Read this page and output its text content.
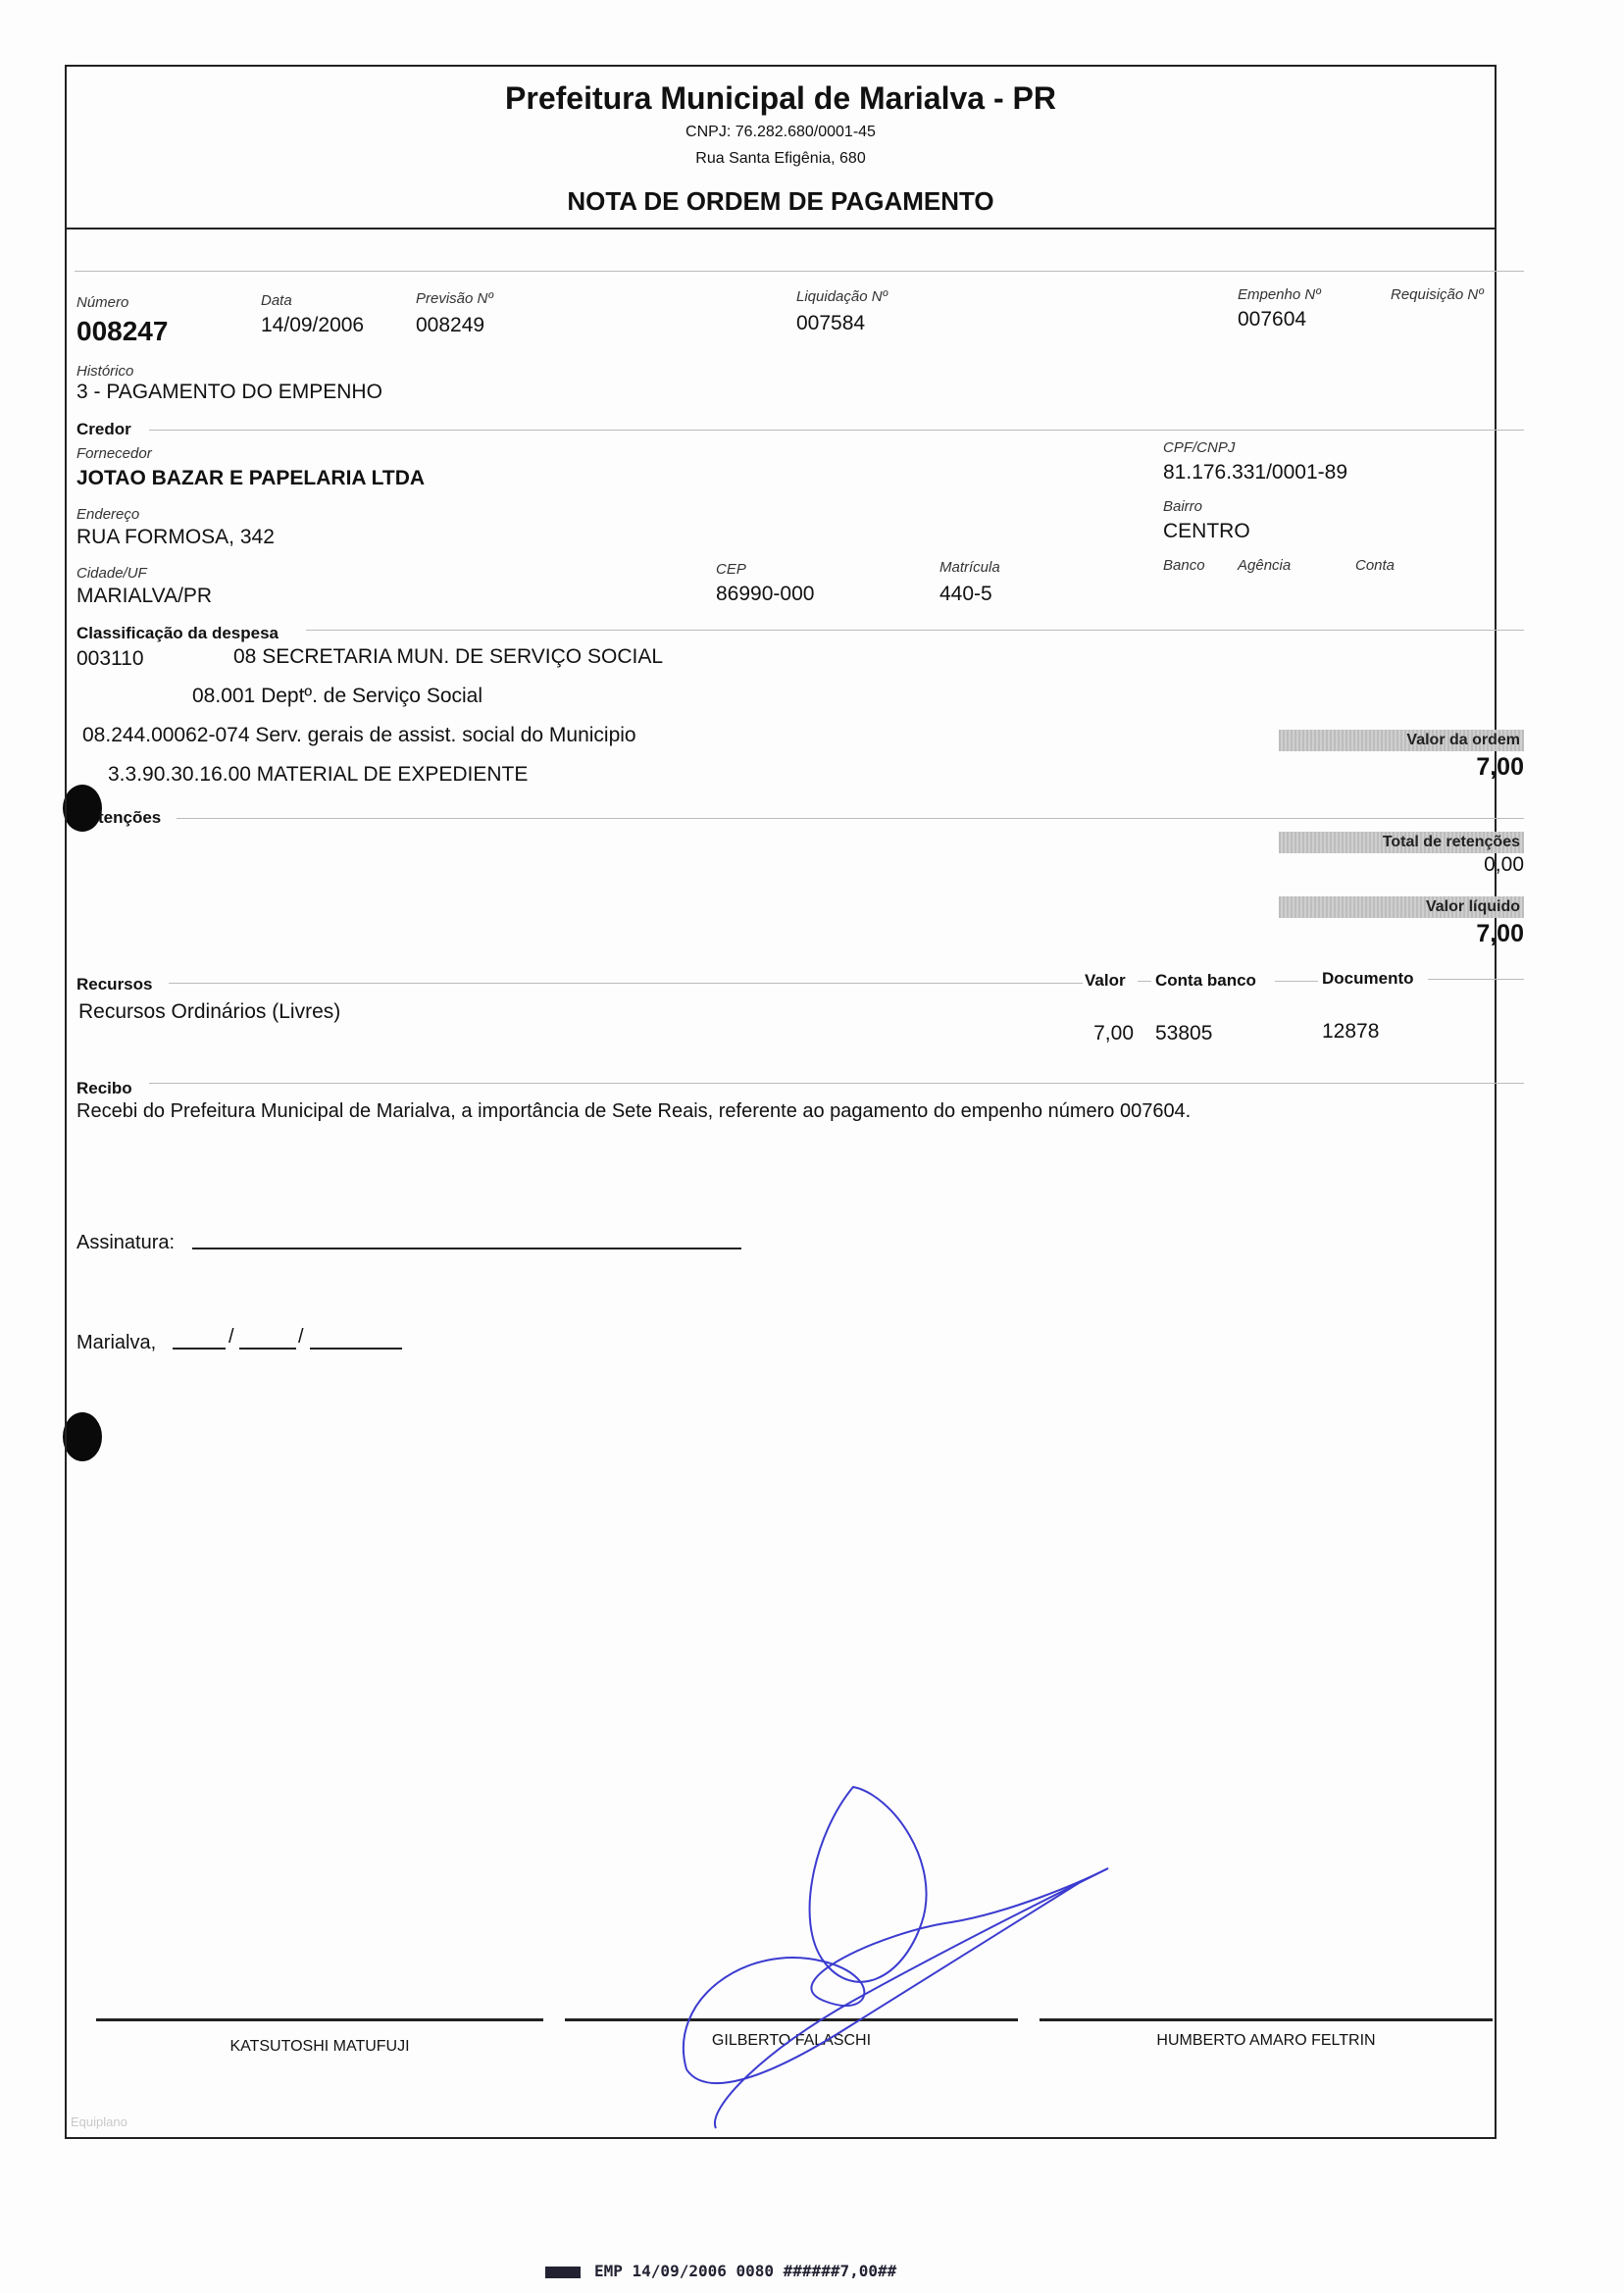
Prefeitura Municipal de Marialva - PR
CNPJ: 76.282.680/0001-45
Rua Santa Efigênia, 680
NOTA DE ORDEM DE PAGAMENTO
Número
008247
Data
14/09/2006
Previsão Nº
008249
Liquidação Nº
007584
Empenho Nº
007604
Requisição Nº
Histórico
3 - PAGAMENTO DO EMPENHO
Credor
Fornecedor
JOTAO BAZAR E PAPELARIA LTDA
CPF/CNPJ
81.176.331/0001-89
Endereço
RUA FORMOSA, 342
Bairro
CENTRO
Cidade/UF
MARIALVA/PR
CEP
86990-000
Matrícula
440-5
Banco Agência	Conta
Classificação da despesa
003110	08 SECRETARIA MUN. DE SERVIÇO SOCIAL
08.001 Deptº. de Serviço Social
08.244.00062-074 Serv. gerais de assist. social do Municipio
3.3.90.30.16.00 MATERIAL DE EXPEDIENTE
Valor da ordem
7,00
tenções
Total de retenções
0,00
Valor líquido
7,00
Recursos	Valor Conta banco	Documento
Recursos Ordinários (Livres)
7,00 53805	12878
Recibo
Recebi do Prefeitura Municipal de Marialva, a importância de Sete Reais, referente ao pagamento do empenho número 007604.
Assinatura:
Marialva,	/	/
KATSUTOSHI MATUFUJI	GILBERTO FALASCHI	HUMBERTO AMARO FELTRIN
Equiplano
EMP 14/09/2006 0080 ######7,00##
